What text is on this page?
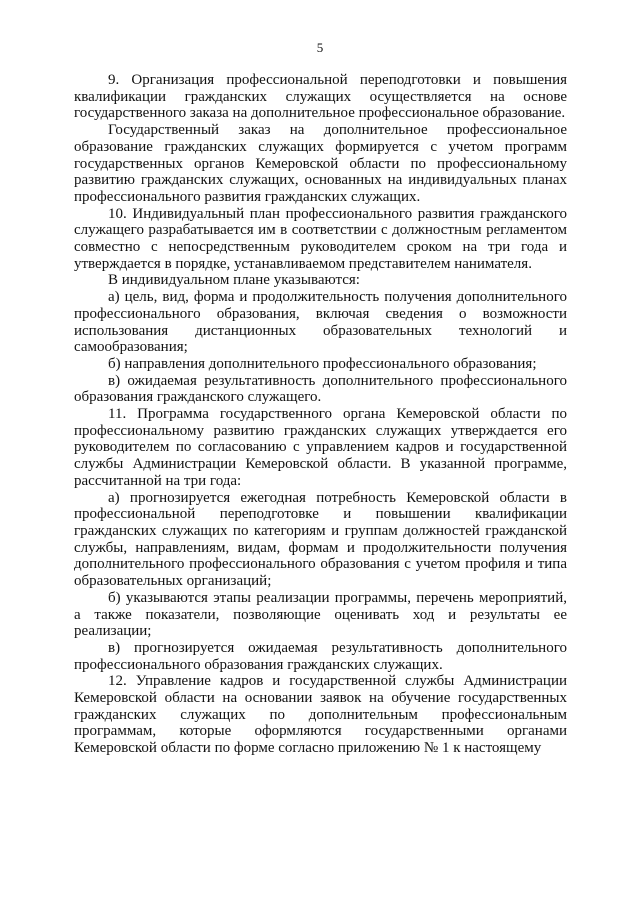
5

9. Организация профессиональной переподготовки и повышения квалификации гражданских служащих осуществляется на основе государственного заказа на дополнительное профессиональное образование.

Государственный заказ на дополнительное профессиональное образование гражданских служащих формируется с учетом программ государственных органов Кемеровской области по профессиональному развитию гражданских служащих, основанных на индивидуальных планах профессионального развития гражданских служащих.

10. Индивидуальный план профессионального развития гражданского служащего разрабатывается им в соответствии с должностным регламентом совместно с непосредственным руководителем сроком на три года и утверждается в порядке, устанавливаемом представителем нанимателя.

В индивидуальном плане указываются:

а) цель, вид, форма и продолжительность получения дополнительного профессионального образования, включая сведения о возможности использования дистанционных образовательных технологий и самообразования;

б) направления дополнительного профессионального образования;

в) ожидаемая результативность дополнительного профессионального образования гражданского служащего.

11. Программа государственного органа Кемеровской области по профессиональному развитию гражданских служащих утверждается его руководителем по согласованию с управлением кадров и государственной службы Администрации Кемеровской области. В указанной программе, рассчитанной на три года:

а) прогнозируется ежегодная потребность Кемеровской области в профессиональной переподготовке и повышении квалификации гражданских служащих по категориям и группам должностей гражданской службы, направлениям, видам, формам и продолжительности получения дополнительного профессионального образования с учетом профиля и типа образовательных организаций;

б) указываются этапы реализации программы, перечень мероприятий, а также показатели, позволяющие оценивать ход и результаты ее реализации;

в) прогнозируется ожидаемая результативность дополнительного профессионального образования гражданских служащих.

12. Управление кадров и государственной службы Администрации Кемеровской области на основании заявок на обучение государственных гражданских служащих по дополнительным профессиональным программам, которые оформляются государственными органами Кемеровской области по форме согласно приложению № 1 к настоящему
